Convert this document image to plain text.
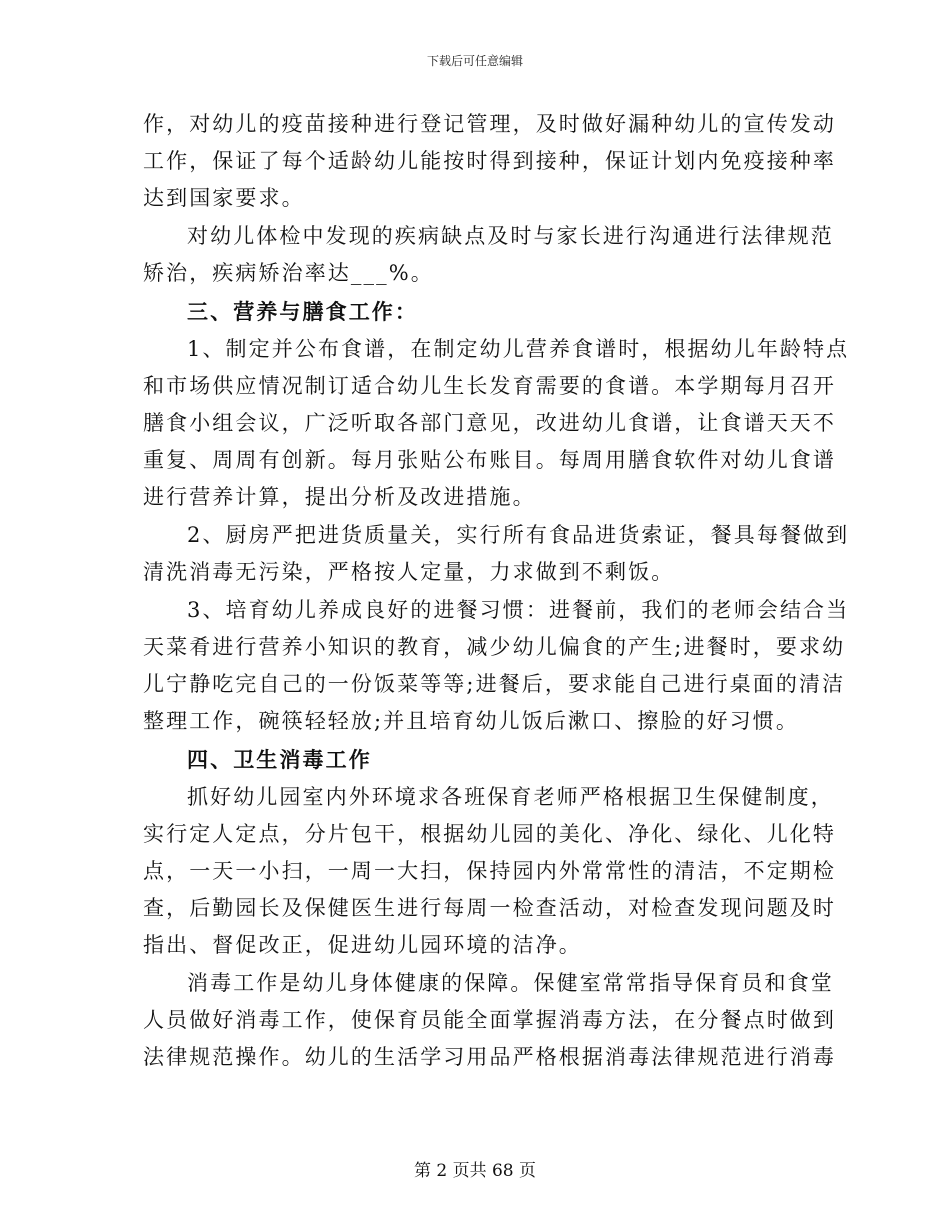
下载后可任意编辑
作，对幼儿的疫苗接种进行登记管理，及时做好漏种幼儿的宣传发动
工作，保证了每个适龄幼儿能按时得到接种，保证计划内免疫接种率
达到国家要求。
对幼儿体检中发现的疾病缺点及时与家长进行沟通进行法律规范
矫治，疾病矫治率达___%。
三、营养与膳食工作：
1、制定并公布食谱，在制定幼儿营养食谱时，根据幼儿年龄特点
和市场供应情况制订适合幼儿生长发育需要的食谱。本学期每月召开
膳食小组会议，广泛听取各部门意见，改进幼儿食谱，让食谱天天不
重复、周周有创新。每月张贴公布账目。每周用膳食软件对幼儿食谱
进行营养计算，提出分析及改进措施。
2、厨房严把进货质量关，实行所有食品进货索证，餐具每餐做到
清洗消毒无污染，严格按人定量，力求做到不剩饭。
3、培育幼儿养成良好的进餐习惯：进餐前，我们的老师会结合当
天菜肴进行营养小知识的教育，减少幼儿偏食的产生;进餐时，要求幼
儿宁静吃完自己的一份饭菜等等;进餐后，要求能自己进行桌面的清洁
整理工作，碗筷轻轻放;并且培育幼儿饭后漱口、擦脸的好习惯。
四、卫生消毒工作
抓好幼儿园室内外环境求各班保育老师严格根据卫生保健制度，
实行定人定点，分片包干，根据幼儿园的美化、净化、绿化、儿化特
点，一天一小扫，一周一大扫，保持园内外常常性的清洁，不定期检
查，后勤园长及保健医生进行每周一检查活动，对检查发现问题及时
指出、督促改正，促进幼儿园环境的洁净。
消毒工作是幼儿身体健康的保障。保健室常常指导保育员和食堂
人员做好消毒工作，使保育员能全面掌握消毒方法，在分餐点时做到
法律规范操作。幼儿的生活学习用品严格根据消毒法律规范进行消毒
第 2 页共 68 页
